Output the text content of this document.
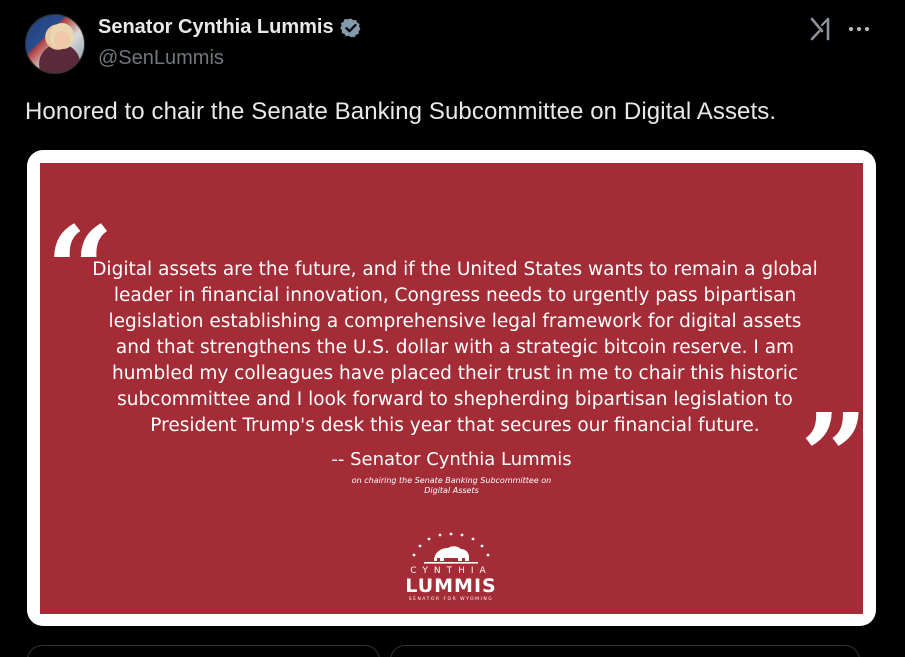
Senator Cynthia Lummis
@SenLummis
Honored to chair the Senate Banking Subcommittee on Digital Assets.
“
Digital assets are the future, and if the United States wants to remain a global leader in financial innovation, Congress needs to urgently pass bipartisan legislation establishing a comprehensive legal framework for digital assets and that strengthens the U.S. dollar with a strategic bitcoin reserve. I am humbled my colleagues have placed their trust in me to chair this historic subcommittee and I look forward to shepherding bipartisan legislation to President Trump's desk this year that secures our financial future. ”
-- Senator Cynthia Lummis
on chairing the Senate Banking Subcommittee on Digital Assets
CYNTHIA
LUMMIS
SENATOR FOR WYOMING
